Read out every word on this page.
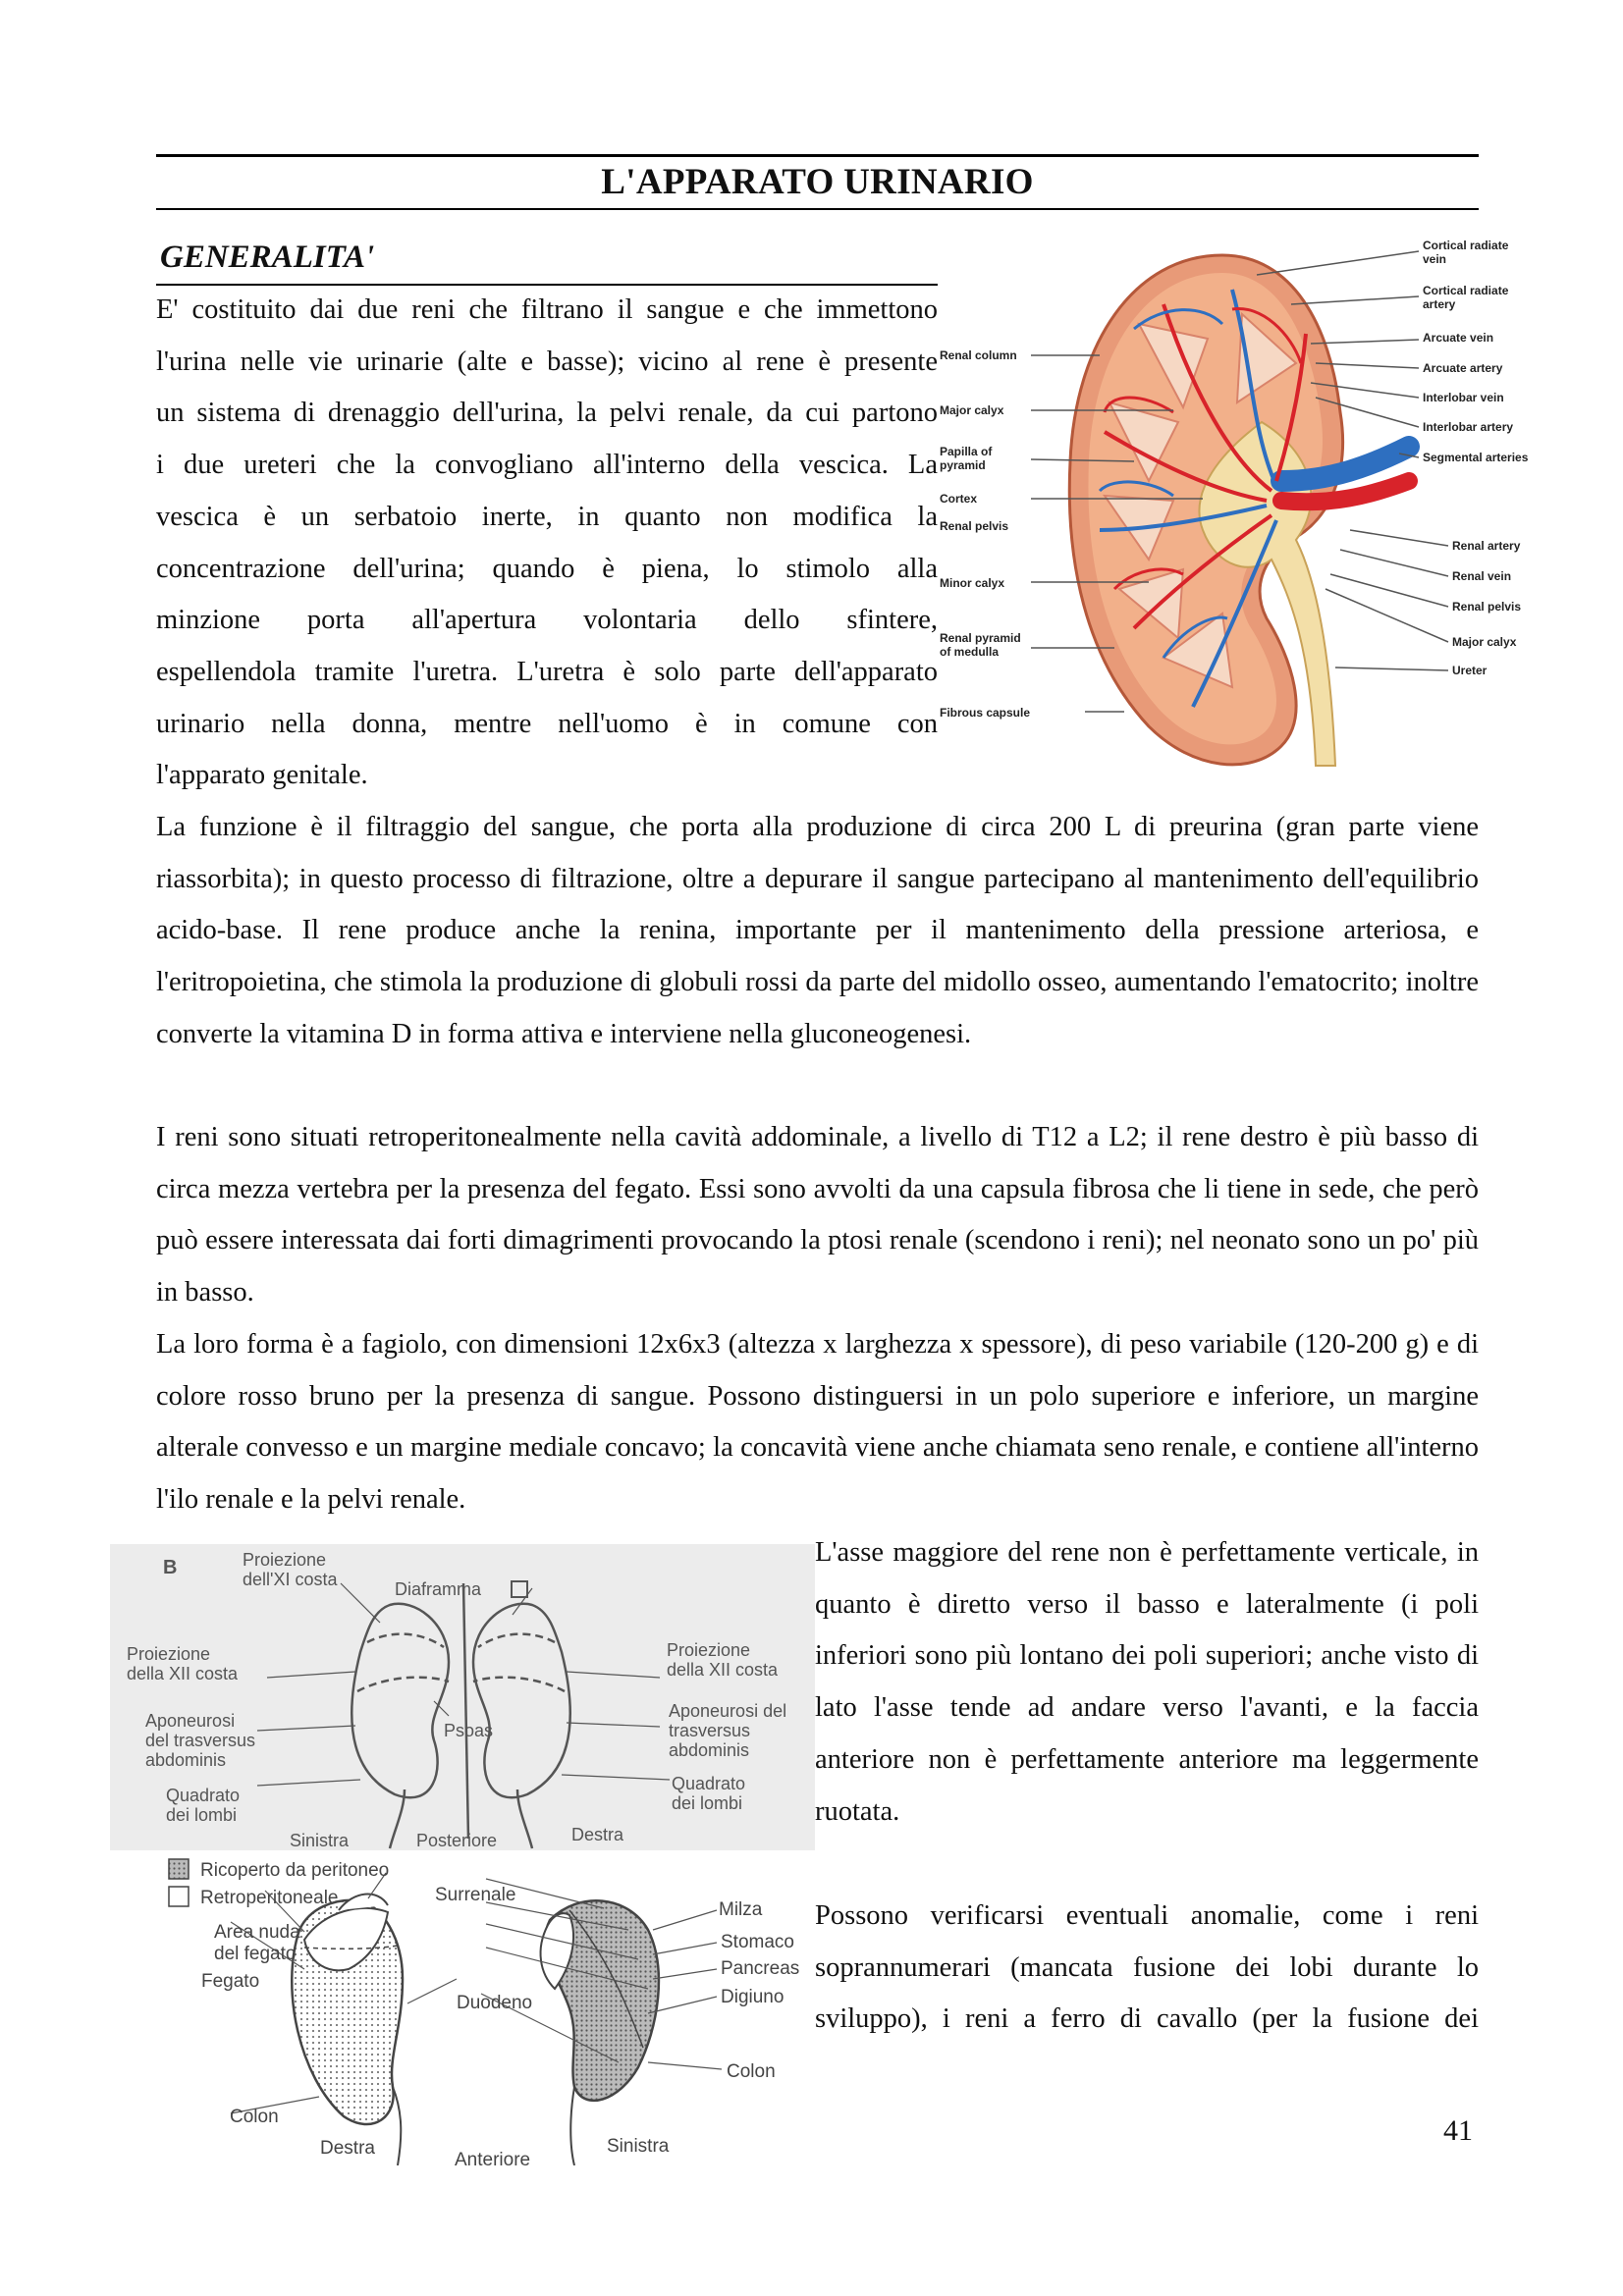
L'APPARATO URINARIO
GENERALITA'
E' costituito dai due reni che filtrano il sangue e che immettono
l'urina nelle vie urinarie (alte e basse); vicino al rene è presente
un sistema di drenaggio dell'urina, la pelvi renale, da cui partono
i due ureteri che la convogliano all'interno della vescica. La
vescica è un serbatoio inerte, in quanto non modifica la
concentrazione dell'urina; quando è piena, lo stimolo alla
minzione porta all'apertura volontaria dello sfintere,
espellendola tramite l'uretra. L'uretra è solo parte dell'apparato
urinario nella donna, mentre nell'uomo è in comune con
l'apparato genitale.
Renal column
Major calyx
Papilla of
pyramid
Cortex
Renal pelvis
Minor calyx
Renal pyramid
of medulla
Fibrous capsule
Cortical radiate
vein
Cortical radiate
artery
Arcuate vein
Arcuate artery
Interlobar vein
Interlobar artery
Segmental arteries
Renal artery
Renal vein
Renal pelvis
Major calyx
Ureter
La funzione è il filtraggio del sangue, che porta alla produzione di circa 200 L di preurina (gran parte viene riassorbita); in questo processo di filtrazione, oltre a depurare il sangue partecipano al mantenimento dell'equilibrio acido-base. Il rene produce anche la renina, importante per il mantenimento della pressione arteriosa, e l'eritropoietina, che stimola la produzione di globuli rossi da parte del midollo osseo, aumentando l'ematocrito; inoltre converte la vitamina D in forma attiva e interviene nella gluconeogenesi.
I reni sono situati retroperitonealmente nella cavità addominale, a livello di T12 a L2; il rene destro è più basso di circa mezza vertebra per la presenza del fegato. Essi sono avvolti da una capsula fibrosa che li tiene in sede, che però può essere interessata dai forti dimagrimenti provocando la ptosi renale (scendono i reni); nel neonato sono un po' più in basso.
La loro forma è a fagiolo, con dimensioni 12x6x3 (altezza x larghezza x spessore), di peso variabile (120-200 g) e di colore rosso bruno per la presenza di sangue. Possono distinguersi in un polo superiore e inferiore, un margine alterale convesso e un margine mediale concavo; la concavità viene anche chiamata seno renale, e contiene all'interno l'ilo renale e la pelvi renale.
B	Proiezione
dell'XI costa	Diaframma
Proiezione
della XII costa
Aponeurosi
del trasversus
abdominis
Quadrato
dei lombi
Psoas
Proiezione
della XII costa
Aponeurosi del
trasversus
abdominis
Quadrato
dei lombi
Sinistra	Posteriore	Destra
Ricoperto da peritoneo
Retroperitoneale	Surrenale
Area nuda
del fegato
Fegato
Duodeno
Colon
Destra
Anteriore
Sinistra
Milza
Stomaco
Pancreas
Digiuno
Colon
L'asse maggiore del rene non è perfettamente verticale, in quanto è diretto verso il basso e lateralmente (i poli inferiori sono più lontano dei poli superiori; anche visto di lato l'asse tende ad andare verso l'avanti, e la faccia anteriore non è perfettamente anteriore ma leggermente ruotata.
Possono verificarsi eventuali anomalie, come i reni soprannumerari (mancata fusione dei lobi durante lo sviluppo), i reni a ferro di cavallo (per la fusione dei
41
